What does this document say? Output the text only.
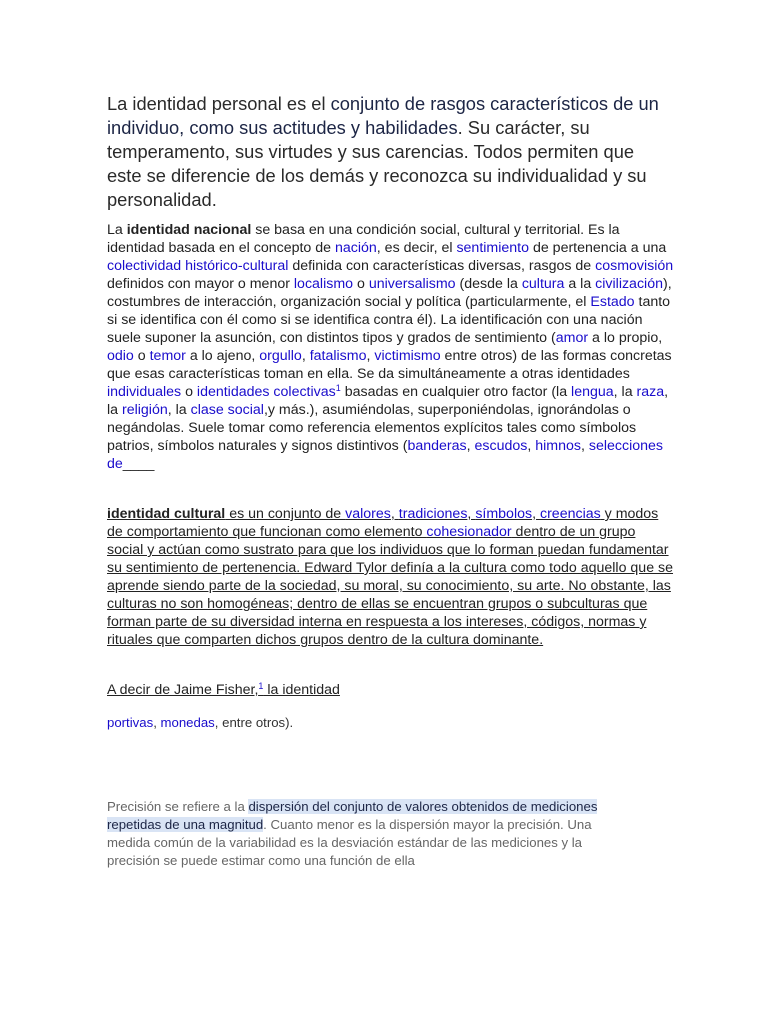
La identidad personal es el conjunto de rasgos característicos de un individuo, como sus actitudes y habilidades. Su carácter, su temperamento, sus virtudes y sus carencias. Todos permiten que este se diferencie de los demás y reconozca su individualidad y su personalidad.

La identidad nacional se basa en una condición social, cultural y territorial. Es la identidad basada en el concepto de nación, es decir, el sentimiento de pertenencia a una colectividad histórico-cultural definida con características diversas, rasgos de cosmovisión definidos con mayor o menor localismo o universalismo (desde la cultura a la civilización), costumbres de interacción, organización social y política (particularmente, el Estado tanto si se identifica con él como si se identifica contra él). La identificación con una nación suele suponer la asunción, con distintos tipos y grados de sentimiento (amor a lo propio, odio o temor a lo ajeno, orgullo, fatalismo, victimismo entre otros) de las formas concretas que esas características toman en ella. Se da simultáneamente a otras identidades individuales o identidades colectivas$^1$ basadas en cualquier otro factor (la lengua, la raza, la religión, la clase social,y más.), asumiéndolas, superponiéndolas, ignorándolas o negándolas. Suele tomar como referencia elementos explícitos tales como símbolos patrios, símbolos naturales y signos distintivos (banderas, escudos, himnos, selecciones de____

identidad cultural es un conjunto de valores, tradiciones, símbolos, creencias y modos de comportamiento que funcionan como elemento cohesionador dentro de un grupo social y actúan como sustrato para que los individuos que lo forman puedan fundamentar su sentimiento de pertenencia. Edward Tylor definía a la cultura como todo aquello que se aprende siendo parte de la sociedad, su moral, su conocimiento, su arte. No obstante, las culturas no son homogéneas; dentro de ellas se encuentran grupos o subculturas que forman parte de su diversidad interna en respuesta a los intereses, códigos, normas y rituales que comparten dichos grupos dentro de la cultura dominante.

A decir de Jaime Fisher,$^1$ la identidad

portivas, monedas, entre otros).

Precisión se refiere a la dispersión del conjunto de valores obtenidos de mediciones repetidas de una magnitud. Cuanto menor es la dispersión mayor la precisión. Una medida común de la variabilidad es la desviación estándar de las mediciones y la precisión se puede estimar como una función de ella
